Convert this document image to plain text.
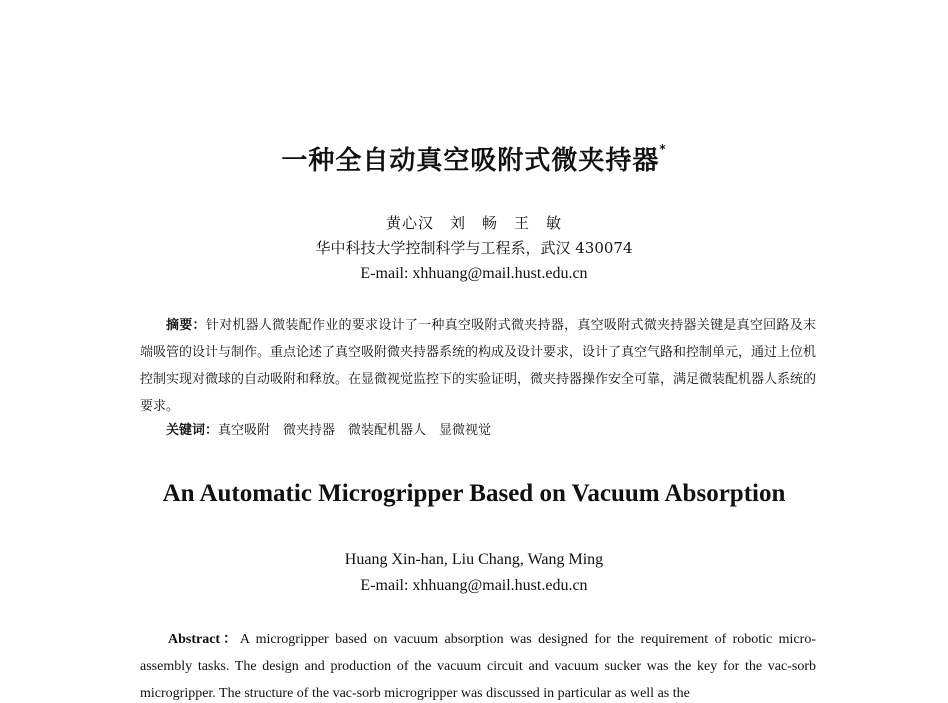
一种全自动真空吸附式微夹持器*
黄心汉　刘　畅　王　敏
华中科技大学控制科学与工程系，武汉 430074
E-mail: xhhuang@mail.hust.edu.cn
摘要：针对机器人微装配作业的要求设计了一种真空吸附式微夹持器，真空吸附式微夹持器关键是真空回路及末端吸管的设计与制作。重点论述了真空吸附微夹持器系统的构成及设计要求，设计了真空气路和控制单元，通过上位机控制实现对微球的自动吸附和释放。在显微视觉监控下的实验证明，微夹持器操作安全可靠，满足微装配机器人系统的要求。
关键词：真空吸附　微夹持器　微装配机器人　显微视觉
An Automatic Microgripper Based on Vacuum Absorption
Huang Xin-han, Liu Chang, Wang Ming
E-mail: xhhuang@mail.hust.edu.cn
Abstract：A microgripper based on vacuum absorption was designed for the requirement of robotic micro-assembly tasks. The design and production of the vacuum circuit and vacuum sucker was the key for the vac-sorb microgripper. The structure of the vac-sorb microgripper was discussed in particular as well as the
